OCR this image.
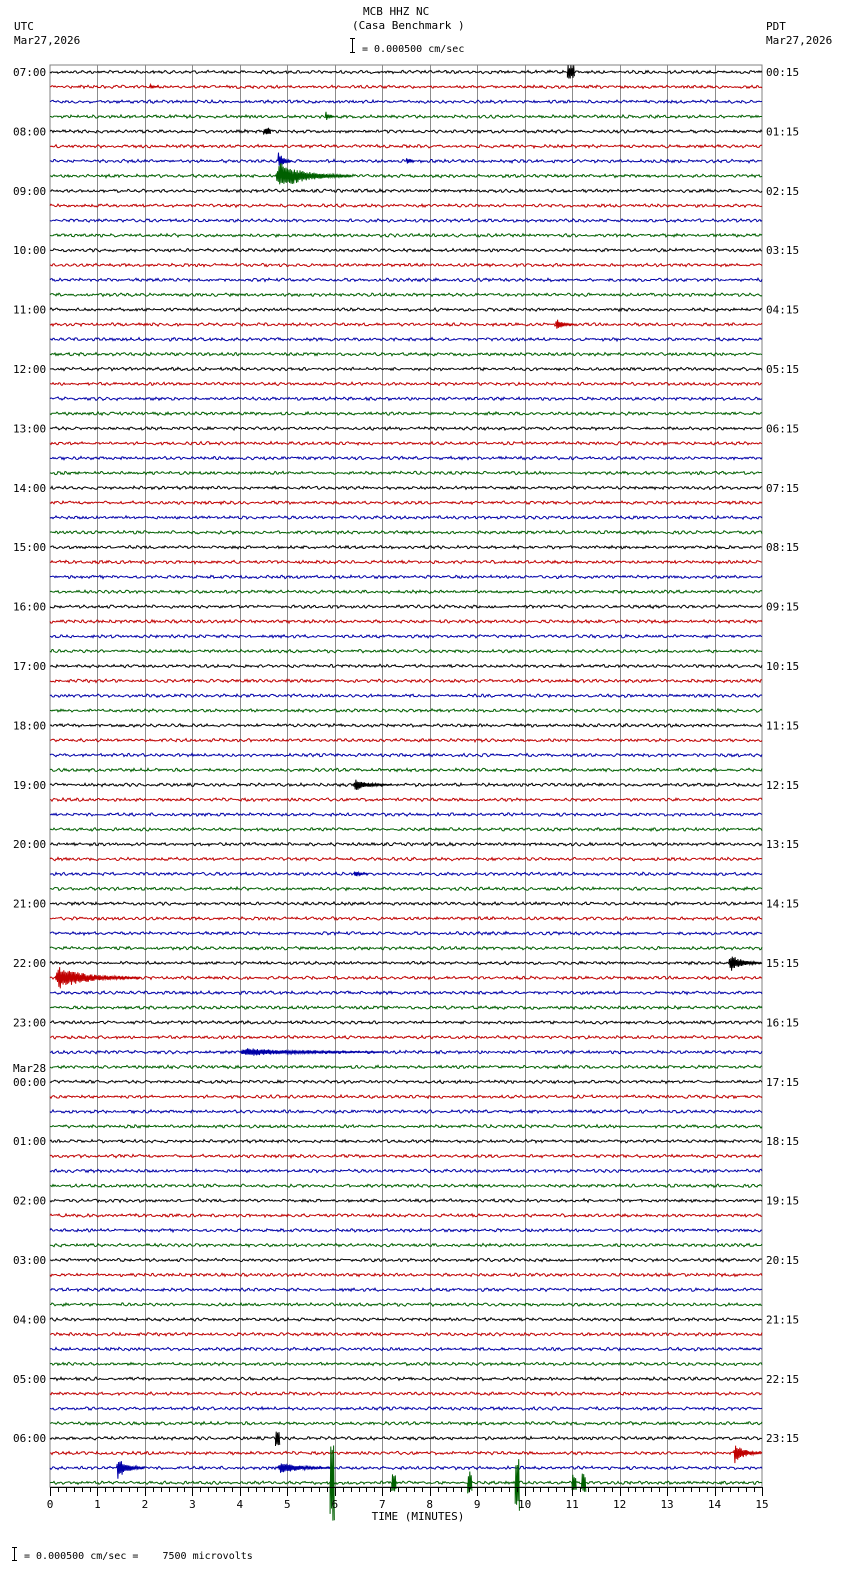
UTC
Mar27,2026
MCB HHZ NC
(Casa Benchmark )
= 0.000500 cm/sec
PDT
Mar27,2026
07:00
08:00
09:00
10:00
11:00
12:00
13:00
14:00
15:00
16:00
17:00
18:00
19:00
20:00
21:00
22:00
23:00
00:00
01:00
02:00
03:00
04:00
05:00
06:00
Mar28
00:15
01:15
02:15
03:15
04:15
05:15
06:15
07:15
08:15
09:15
10:15
11:15
12:15
13:15
14:15
15:15
16:15
17:15
18:15
19:15
20:15
21:15
22:15
23:15
0	1	2	3	4	5	6	7	8	9	10	11	12	13	14	15
TIME (MINUTES)
= 0.000500 cm/sec =    7500 microvolts
